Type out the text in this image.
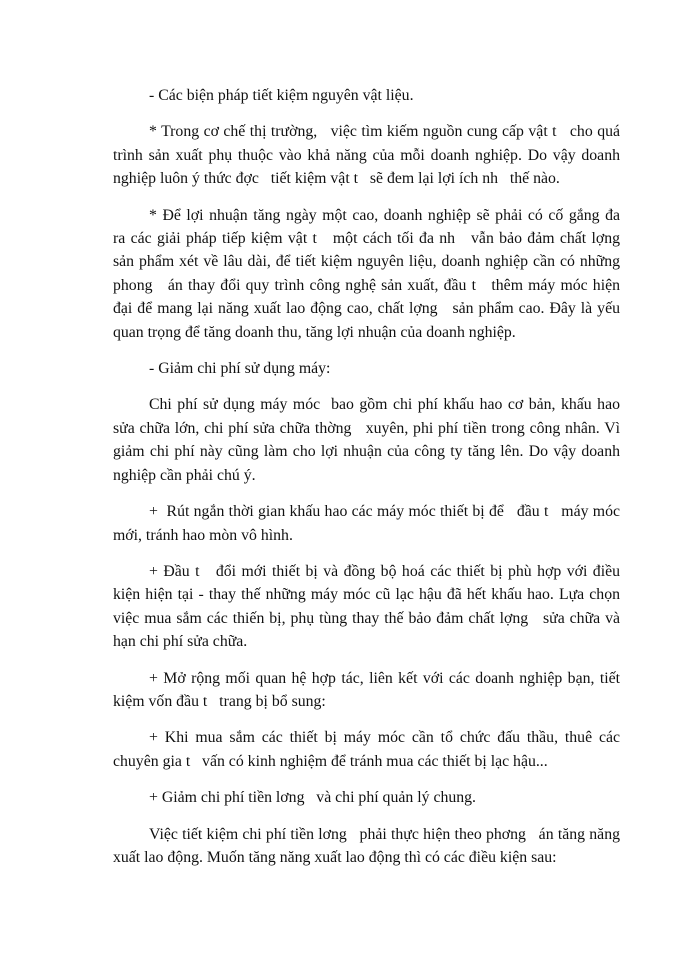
- Các biện pháp tiết kiệm nguyên vật liệu.

* Trong cơ chế thị trường,   việc tìm kiếm nguồn cung cấp vật t   cho quá trình sản xuất phụ thuộc vào khả năng của mỗi doanh nghiệp. Do vậy doanh nghiệp luôn ý thức đợc   tiết kiệm vật t   sẽ đem lại lợi ích nh   thế nào.

* Để lợi nhuận tăng ngày một cao, doanh nghiệp sẽ phải có cố gắng đa   ra các giải pháp tiếp kiệm vật t   một cách tối đa nh   vẫn bảo đảm chất lợng   sản phẩm xét về lâu dài, để tiết kiệm nguyên liệu, doanh nghiệp cần có những phong   án thay đổi quy trình công nghệ sản xuất, đầu t   thêm máy móc hiện đại để mang lại năng xuất lao động cao, chất lợng   sản phẩm cao. Đây là yếu quan trọng để tăng doanh thu, tăng lợi nhuận của doanh nghiệp.

- Giảm chi phí sử dụng máy:

Chi phí sử dụng máy móc  bao gồm chi phí khấu hao cơ bản, khấu hao sửa chữa lớn, chi phí sửa chữa thờng   xuyên, phi phí tiền trong công nhân. Vì giảm chi phí này cũng làm cho lợi nhuận của công ty tăng lên. Do vậy doanh nghiệp cần phải chú ý.

+  Rút ngắn thời gian khấu hao các máy móc thiết bị để   đầu t   máy móc mới, tránh hao mòn vô hình.

+ Đầu t   đổi mới thiết bị và đồng bộ hoá các thiết bị phù hợp với điều kiện hiện tại - thay thế những máy móc cũ lạc hậu đã hết khấu hao. Lựa chọn việc mua sắm các thiến bị, phụ tùng thay thế bảo đảm chất lợng   sửa chữa và hạn chi phí sửa chữa.

+ Mở rộng mối quan hệ hợp tác, liên kết với các doanh nghiệp bạn, tiết kiệm vốn đầu t   trang bị bổ sung:

+ Khi mua sắm các thiết bị máy móc cần tổ chức đấu thầu, thuê các chuyên gia t   vấn có kinh nghiệm để tránh mua các thiết bị lạc hậu...

+ Giảm chi phí tiền lơng   và chi phí quản lý chung.

Việc tiết kiệm chi phí tiền lơng   phải thực hiện theo phơng   án tăng năng xuất lao động. Muốn tăng năng xuất lao động thì có các điều kiện sau:
